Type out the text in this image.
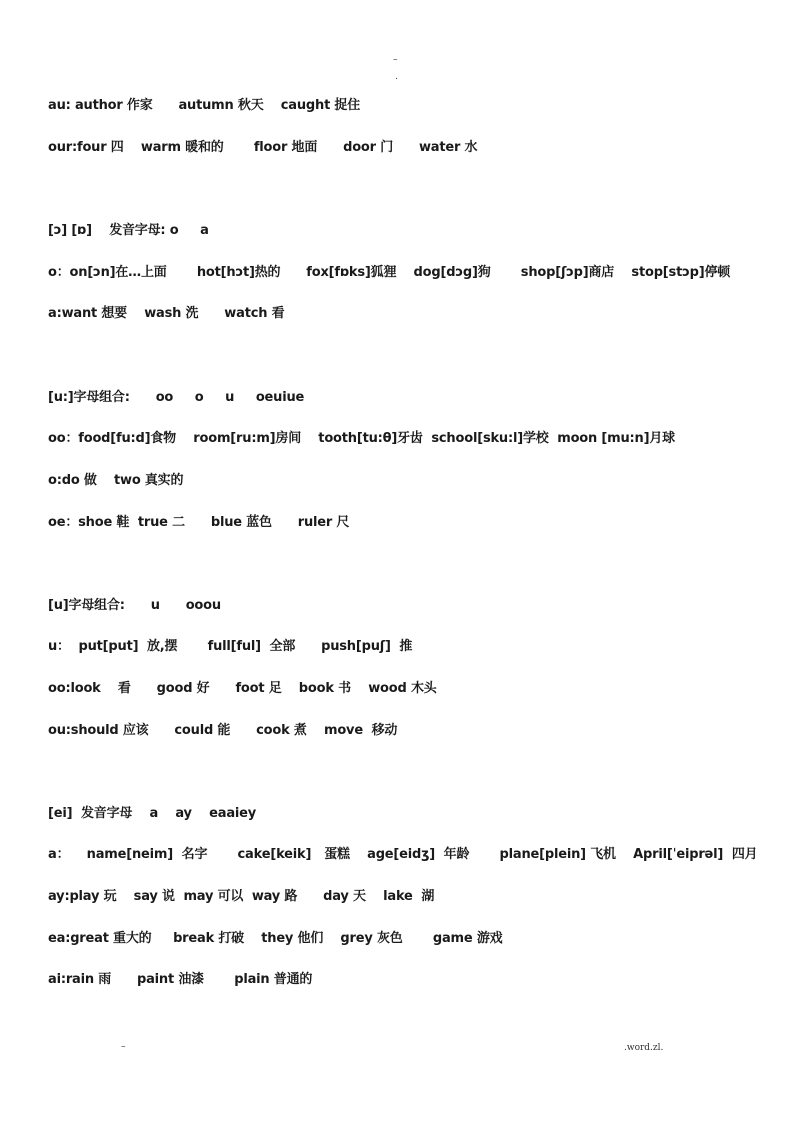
–
.
au: author 作家      autumn 秋天    caught 捉住
our:four 四    warm 暖和的       floor 地面      door 门      water 水
[ɔ] [ɒ]    发音字母: o     a
o：on[ɔn]在…上面       hot[hɔt]热的      fox[fɒks]狐狸    dog[dɔg]狗       shop[ʃɔp]商店    stop[stɔp]停顿
a:want 想要    wash 洗      watch 看
[u:]字母组合:      oo     o     u     oeuiue
oo：food[fu:d]食物    room[ru:m]房间    tooth[tu:θ]牙齿  school[sku:l]学校  moon [mu:n]月球
o:do 做    two 真实的
oe：shoe 鞋  true 二      blue 蓝色      ruler 尺
[u]字母组合:      u      ooou
u：  put[put]  放,摆       full[ful]  全部      push[puʃ]  推
oo:look    看      good 好      foot 足    book 书    wood 木头
ou:should 应该      could 能      cook 煮    move  移动
[ei]  发音字母    a    ay    eaaiey
a：    name[neim]  名字       cake[keik]   蛋糕    age[eidʒ]  年龄       plane[plein] 飞机    April[ˈeiprəl]  四月
ay:play 玩    say 说  may 可以  way 路      day 天    lake  湖
ea:great 重大的     break 打破    they 他们    grey 灰色       game 游戏
ai:rain 雨      paint 油漆       plain 普通的
–	.word.zl.
